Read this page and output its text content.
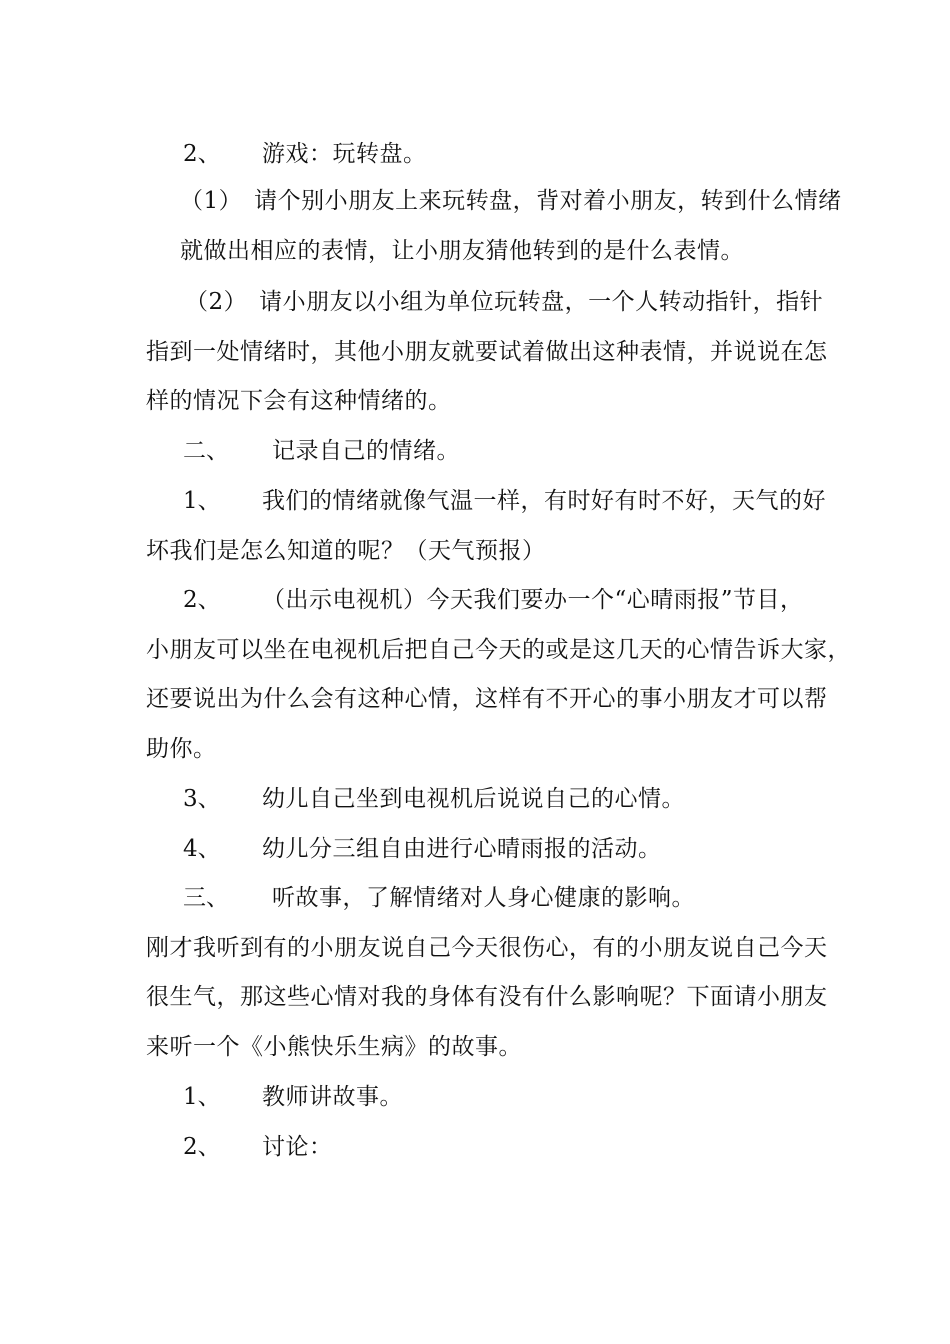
2、 游戏：玩转盘。
（1）　请个别小朋友上来玩转盘，背对着小朋友，转到什么情绪
就做出相应的表情，让小朋友猜他转到的是什么表情。
（2）　请小朋友以小组为单位玩转盘，一个人转动指针，指针
指到一处情绪时，其他小朋友就要试着做出这种表情，并说说在怎
样的情况下会有这种情绪的。
二、 记录自己的情绪。
1、 我们的情绪就像气温一样，有时好有时不好，天气的好
坏我们是怎么知道的呢？（天气预报）
2、 （出示电视机）今天我们要办一个“心晴雨报”节目，
小朋友可以坐在电视机后把自己今天的或是这几天的心情告诉大家，
还要说出为什么会有这种心情，这样有不开心的事小朋友才可以帮
助你。
3、 幼儿自己坐到电视机后说说自己的心情。
4、 幼儿分三组自由进行心晴雨报的活动。
三、 听故事，了解情绪对人身心健康的影响。
刚才我听到有的小朋友说自己今天很伤心，有的小朋友说自己今天
很生气，那这些心情对我的身体有没有什么影响呢？下面请小朋友
来听一个《小熊快乐生病》的故事。
1、 教师讲故事。
2、 讨论：
